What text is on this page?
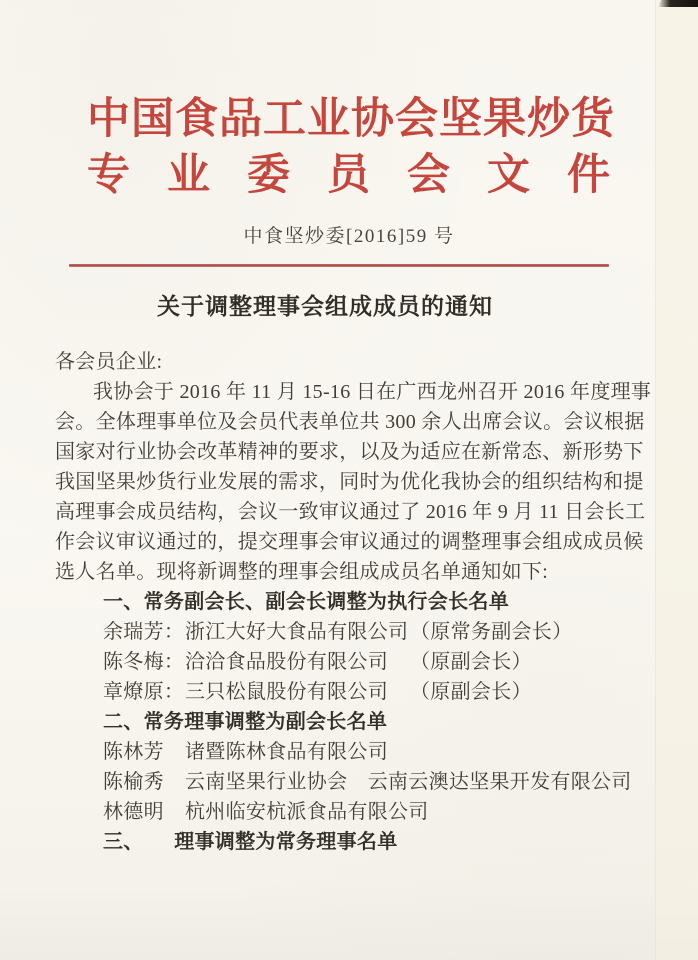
中国食品工业协会坚果炒货
专业委员会文件
中食坚炒委[2016]59 号
关于调整理事会组成成员的通知
各会员企业:
我协会于 2016 年 11 月 15-16 日在广西龙州召开 2016 年度理事
会。全体理事单位及会员代表单位共 300 余人出席会议。会议根据
国家对行业协会改革精神的要求，以及为适应在新常态、新形势下
我国坚果炒货行业发展的需求，同时为优化我协会的组织结构和提
高理事会成员结构，会议一致审议通过了 2016 年 9 月 11 日会长工
作会议审议通过的，提交理事会审议通过的调整理事会组成成员候
选人名单。现将新调整的理事会组成成员名单通知如下:
一、常务副会长、副会长调整为执行会长名单
余瑞芳：浙江大好大食品有限公司（原常务副会长）
陈冬梅：洽洽食品股份有限公司 （原副会长）
章燎原：三只松鼠股份有限公司 （原副会长）
二、常务理事调整为副会长名单
陈林芳 诸暨陈林食品有限公司
陈榆秀 云南坚果行业协会　云南云澳达坚果开发有限公司
林德明 杭州临安杭派食品有限公司
三、　　理事调整为常务理事名单
